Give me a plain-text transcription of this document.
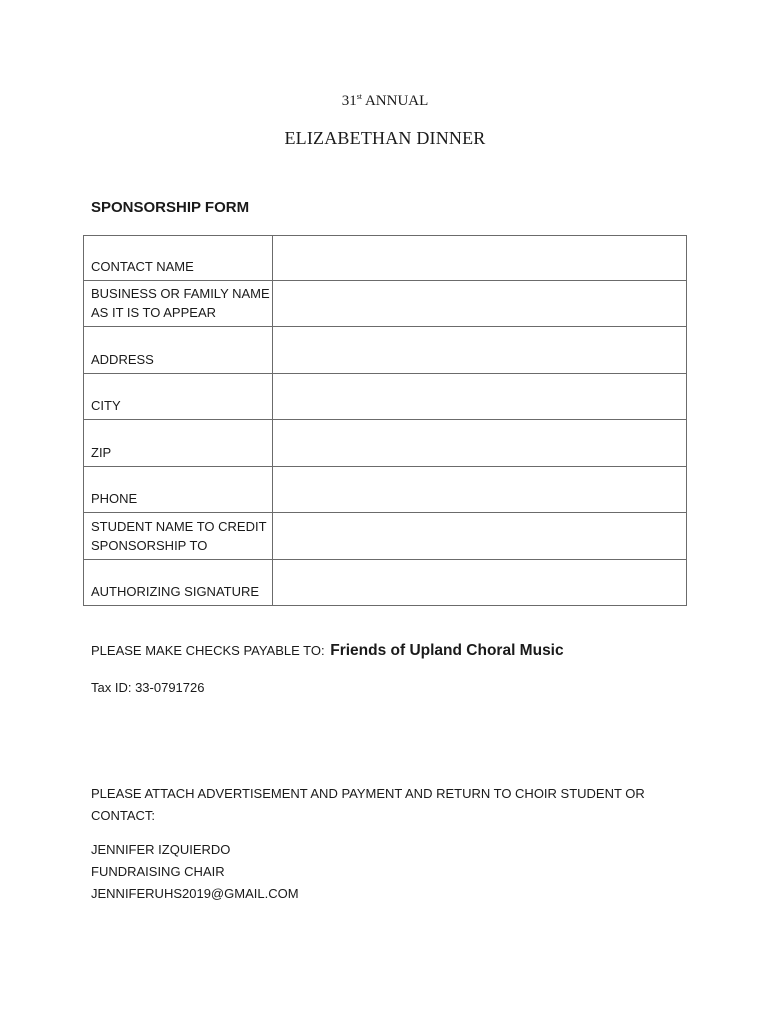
31st ANNUAL
ELIZABETHAN DINNER
SPONSORSHIP FORM
CONTACT NAME	
BUSINESS OR FAMILY NAME AS IT IS TO APPEAR	
ADDRESS	
CITY	
ZIP	
PHONE	
STUDENT NAME TO CREDIT SPONSORSHIP TO	
AUTHORIZING SIGNATURE	
PLEASE MAKE CHECKS PAYABLE TO: Friends of Upland Choral Music
Tax ID: 33-0791726
PLEASE ATTACH ADVERTISEMENT AND PAYMENT AND RETURN TO CHOIR STUDENT OR CONTACT:
JENNIFER IZQUIERDO
FUNDRAISING CHAIR
JENNIFERUHS2019@GMAIL.COM
